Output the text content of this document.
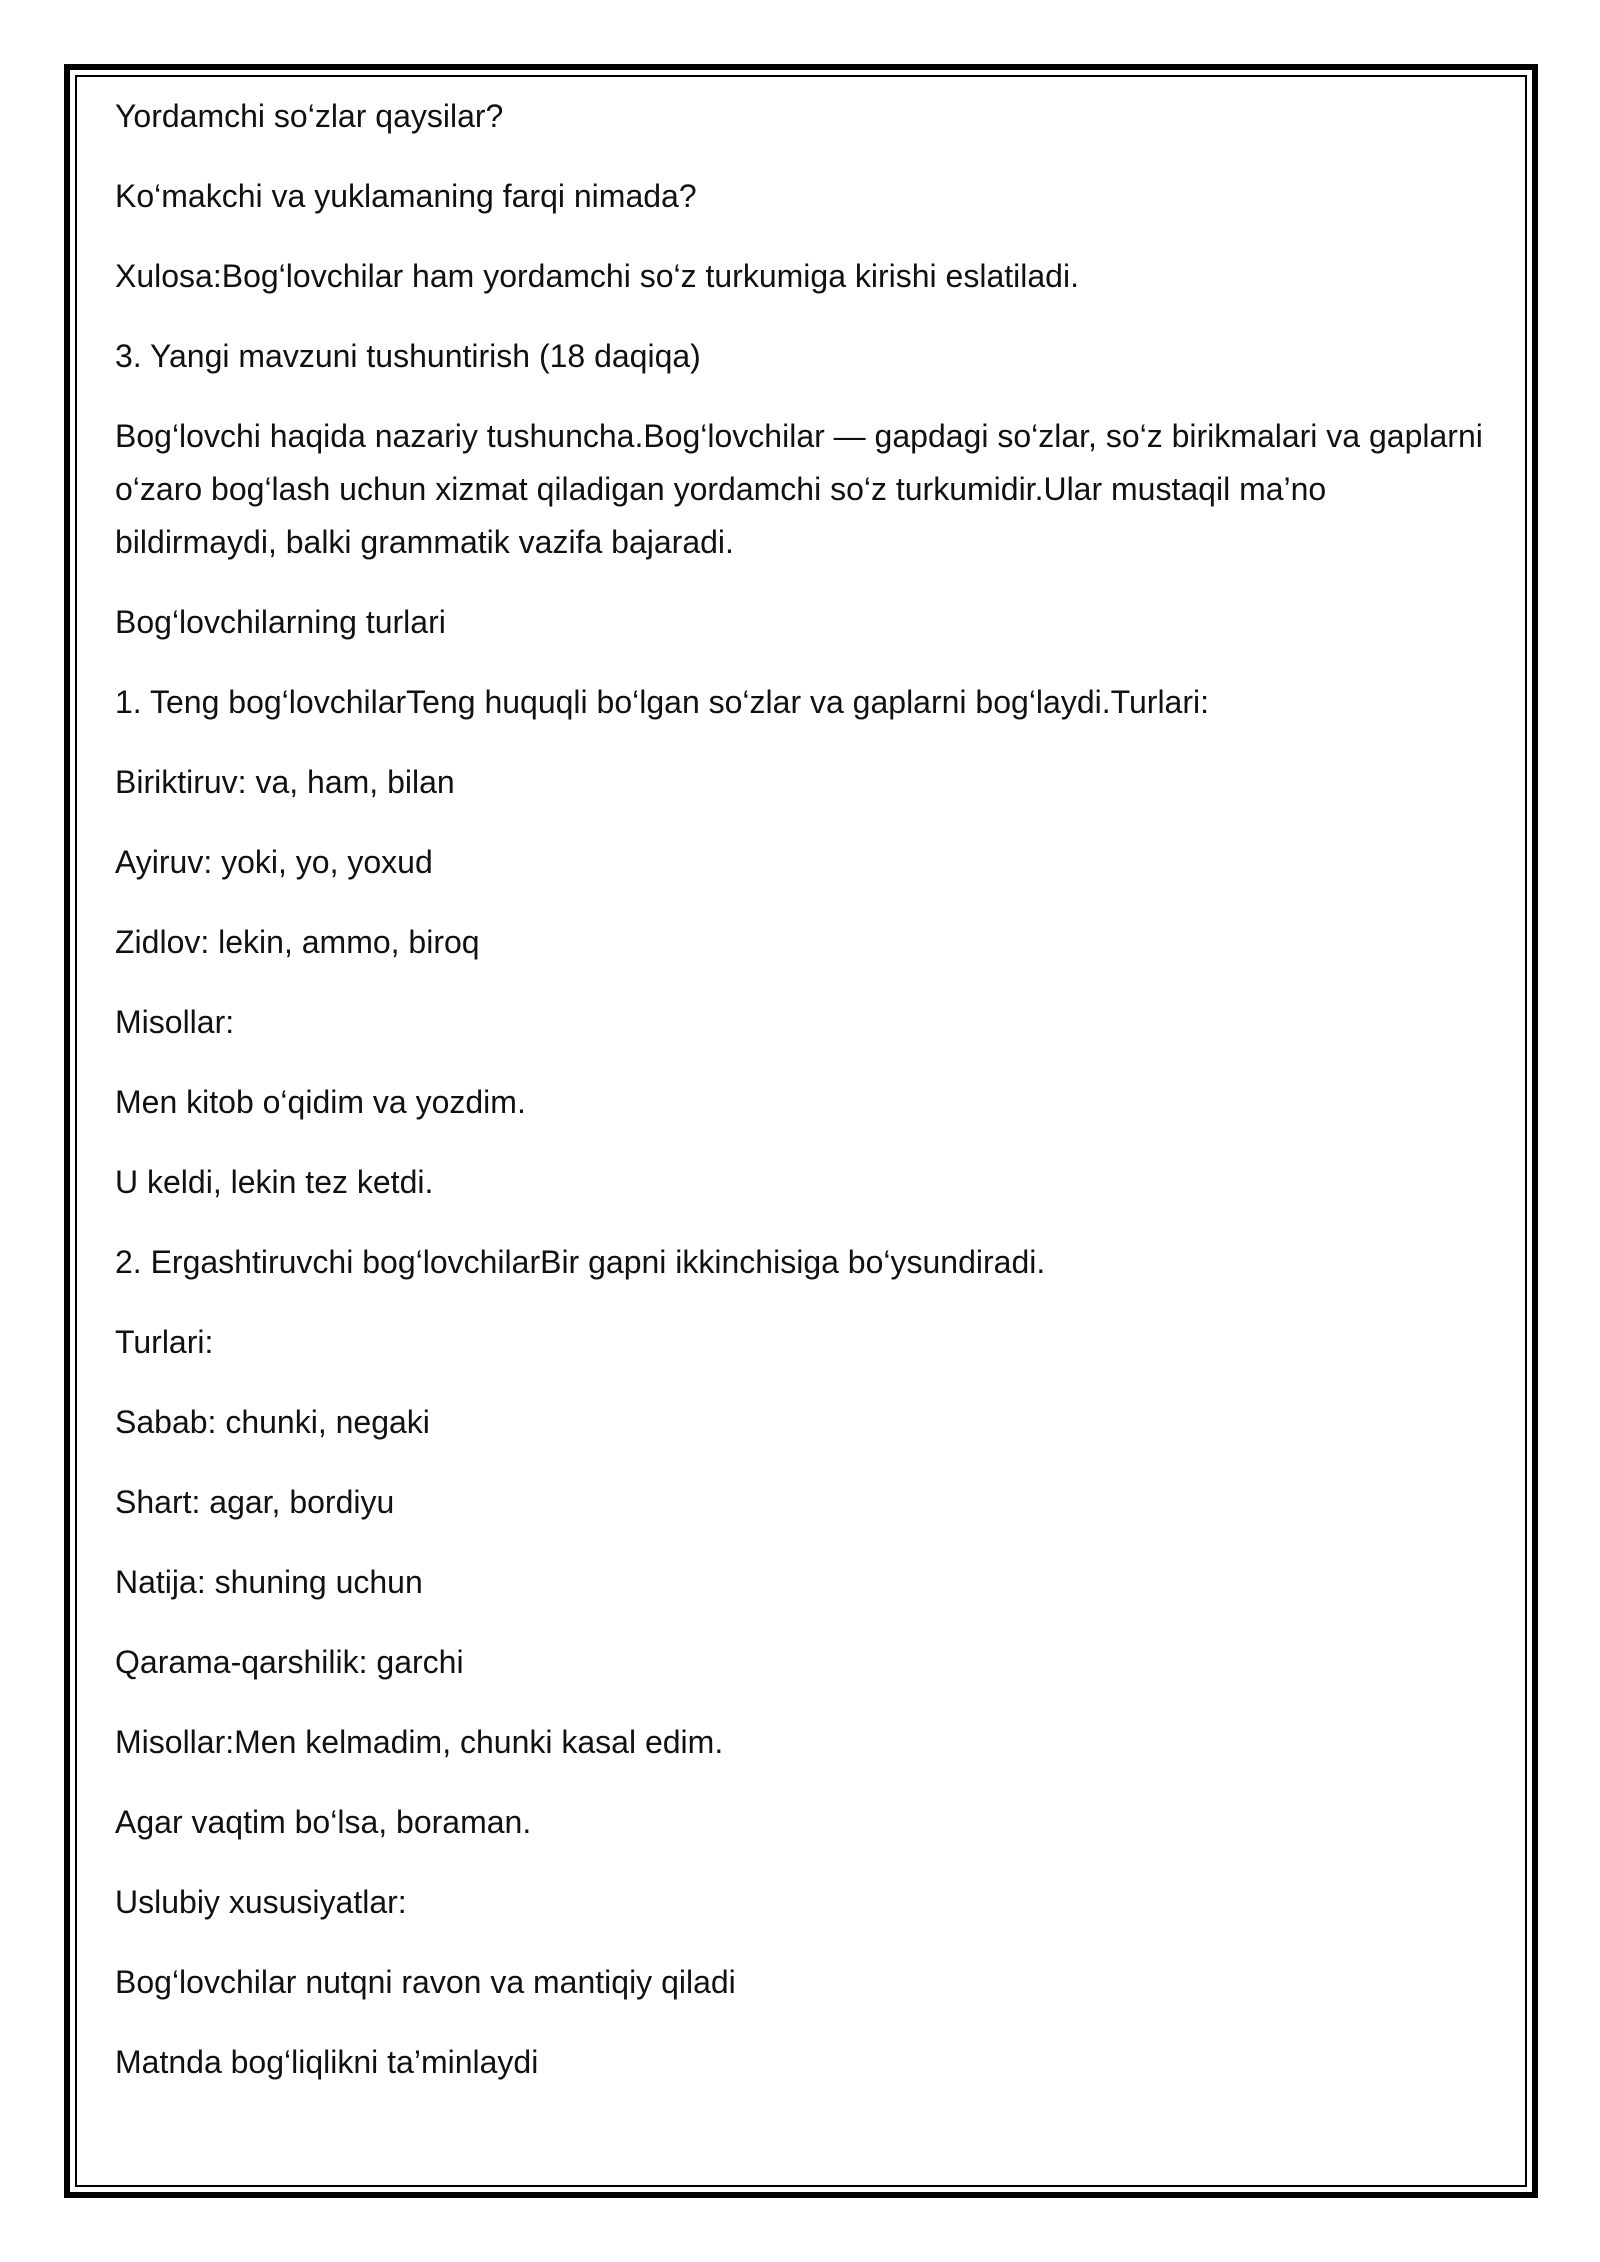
Yordamchi so‘zlar qaysilar?

Ko‘makchi va yuklamaning farqi nimada?

Xulosa:Bog‘lovchilar ham yordamchi so‘z turkumiga kirishi eslatiladi.

3. Yangi mavzuni tushuntirish (18 daqiqa)

Bog‘lovchi haqida nazariy tushuncha.Bog‘lovchilar — gapdagi so‘zlar, so‘z birikmalari va gaplarni o‘zaro bog‘lash uchun xizmat qiladigan yordamchi so‘z turkumidir.Ular mustaqil ma’no bildirmaydi, balki grammatik vazifa bajaradi.

Bog‘lovchilarning turlari

1. Teng bog‘lovchilarTeng huquqli bo‘lgan so‘zlar va gaplarni bog‘laydi.Turlari:

Biriktiruv: va, ham, bilan

Ayiruv: yoki, yo, yoxud

Zidlov: lekin, ammo, biroq

Misollar:

Men kitob o‘qidim va yozdim.

U keldi, lekin tez ketdi.

2. Ergashtiruvchi bog‘lovchilarBir gapni ikkinchisiga bo‘ysundiradi.

Turlari:

Sabab: chunki, negaki

Shart: agar, bordiyu

Natija: shuning uchun

Qarama-qarshilik: garchi

Misollar:Men kelmadim, chunki kasal edim.

Agar vaqtim bo‘lsa, boraman.

Uslubiy xususiyatlar:

Bog‘lovchilar nutqni ravon va mantiqiy qiladi

Matnda bog‘liqlikni ta’minlaydi
